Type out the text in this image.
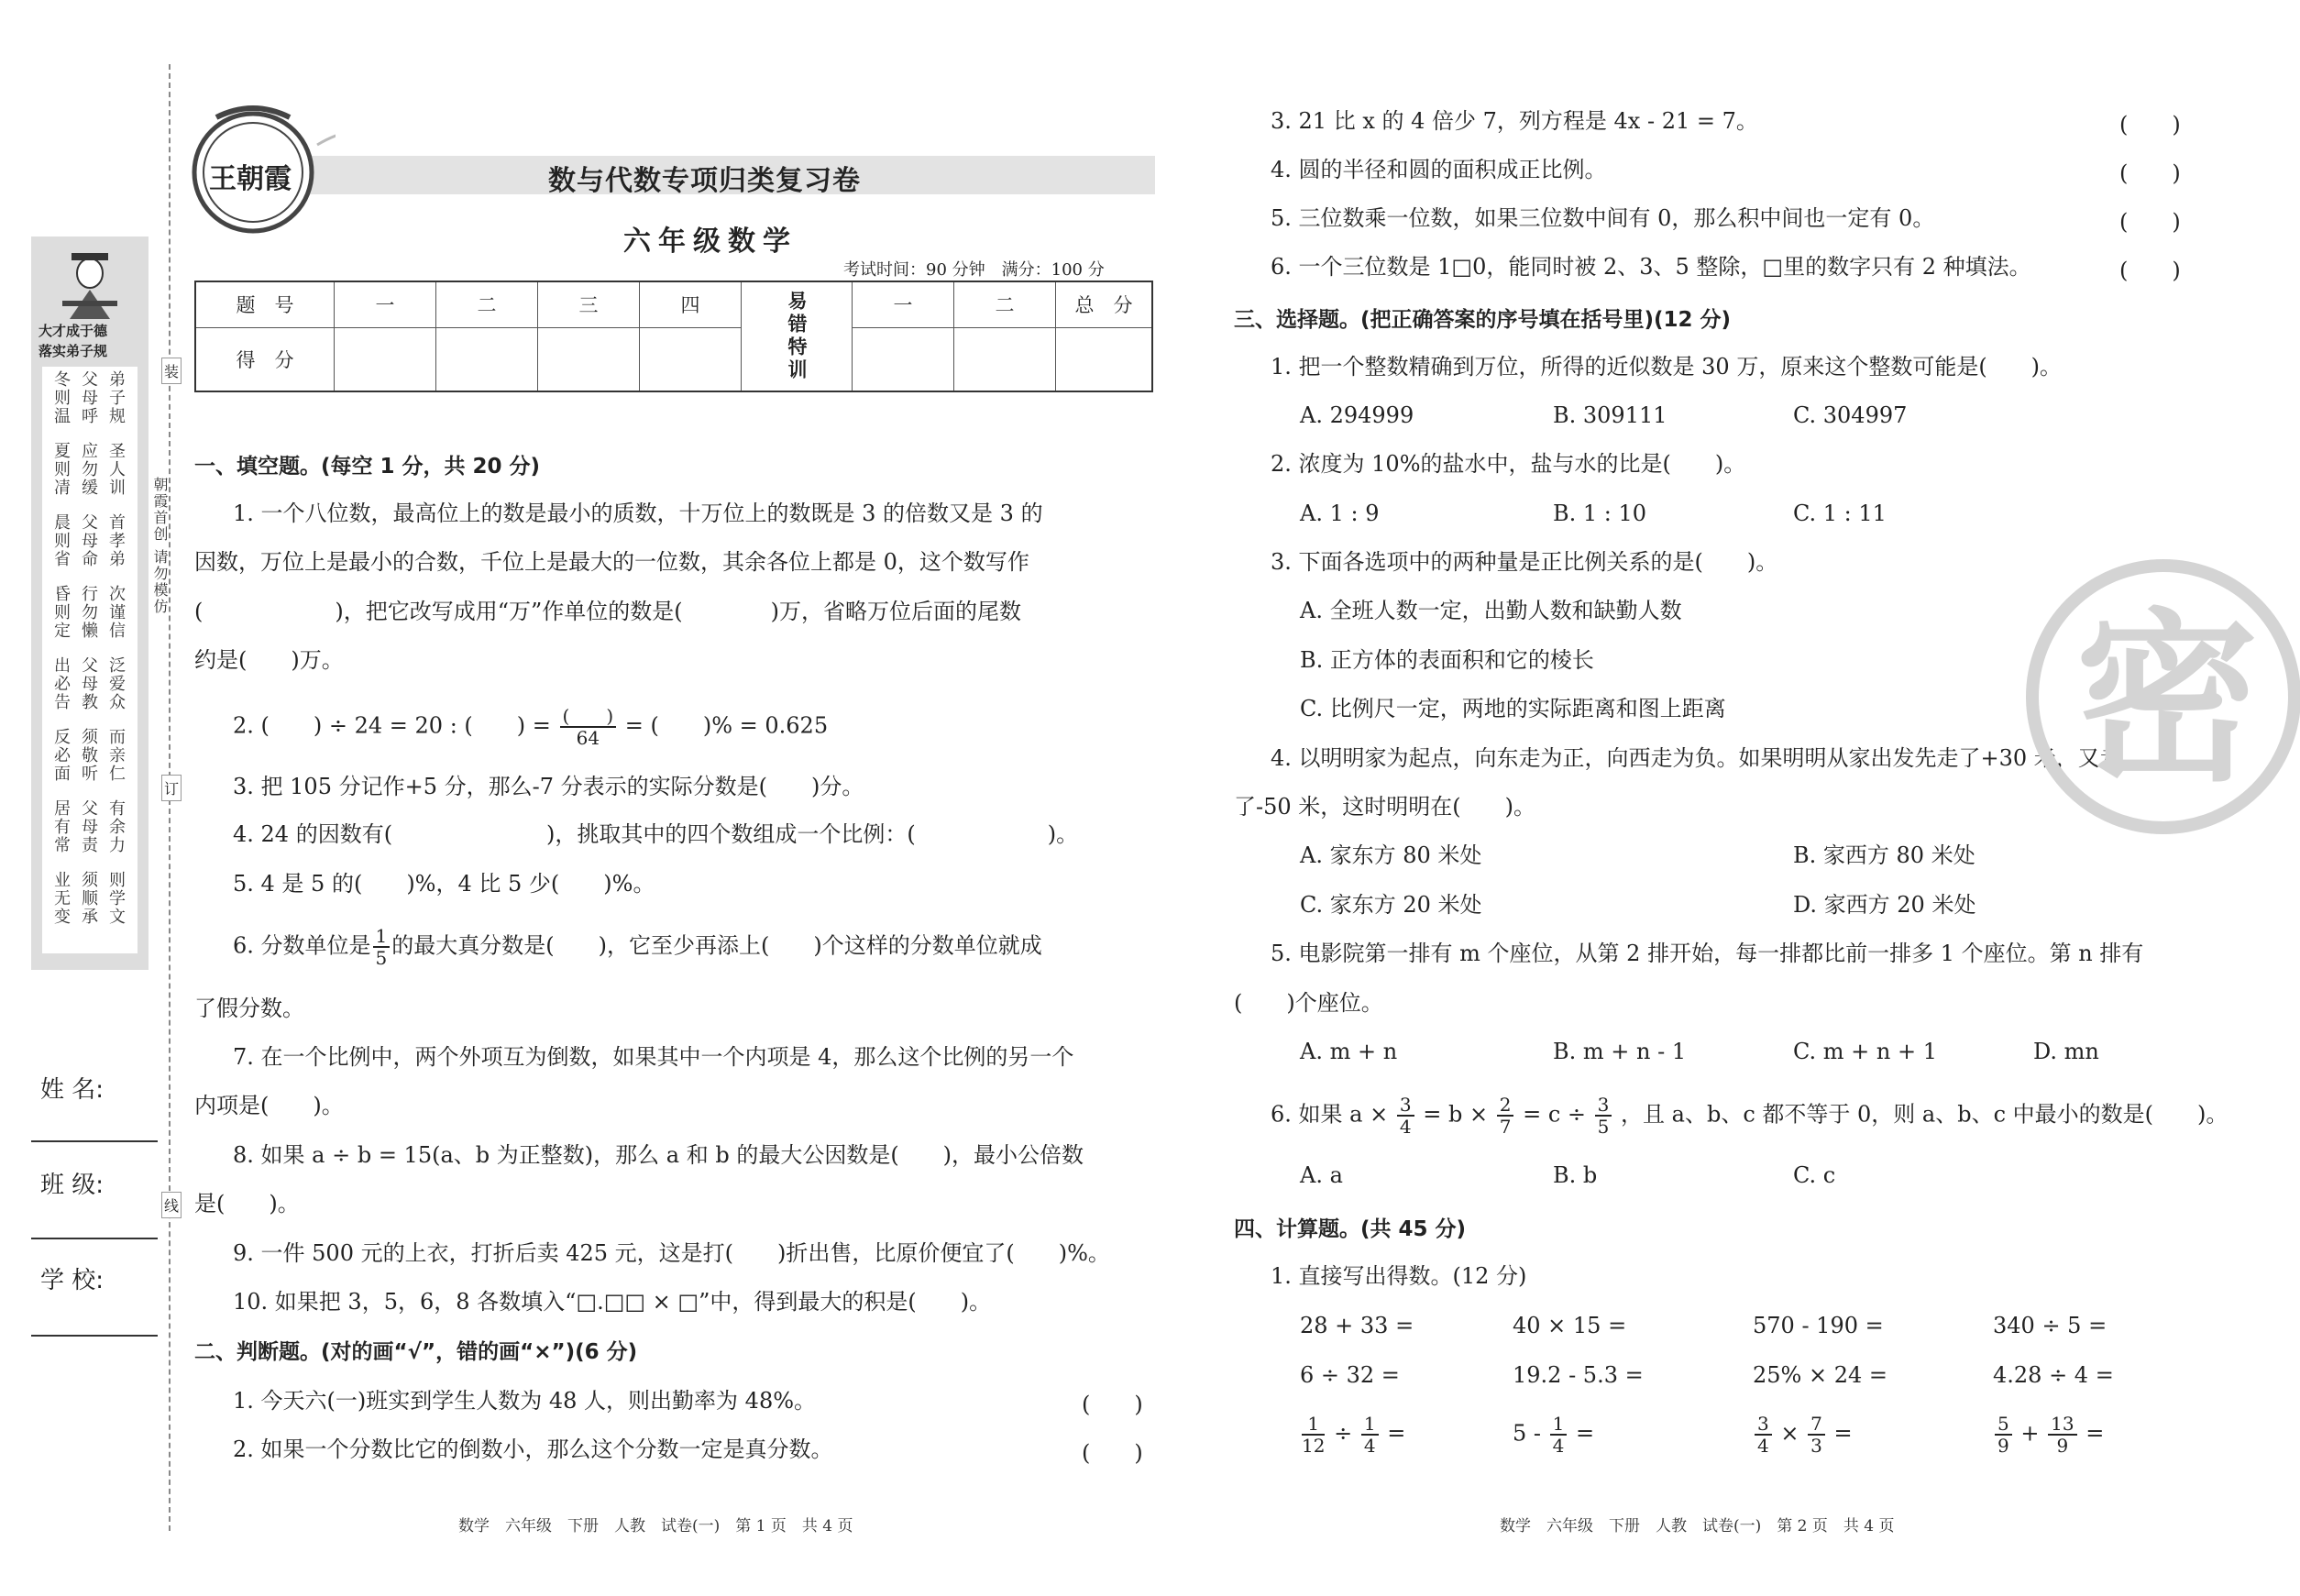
装
订
线
大才成于德
落实弟子规
弟子规
圣人训
首孝弟
次谨信
泛爱众
而亲仁
有余力
则学文
父母呼
应勿缓
父母命
行勿懒
父母教
须敬听
父母责
须顺承
冬则温
夏则凊
晨则省
昏则定
出必告
反必面
居有常
业无变
朝霞首创 请勿模仿
姓 名:
班 级:
学 校:
王朝霞	数与代数专项归类复习卷
六年级数学
考试时间：90 分钟　满分：100 分
题　号	一	二	三	四	易错特训	一	二	总　分
得　分								
一、填空题。(每空 1 分，共 20 分)
1. 一个八位数，最高位上的数是最小的质数，十万位上的数既是 3 的倍数又是 3 的
因数，万位上是最小的合数，千位上是最大的一位数，其余各位上都是 0，这个数写作
(　　　　　　)，把它改写成用“万”作单位的数是(　　　　)万，省略万位后面的尾数
约是(　　)万。
2. (　　) ÷ 24 = 20 : (　　) = $\frac{( )}{64}$ = (　　)% = 0.625
3. 把 105 分记作+5 分，那么-7 分表示的实际分数是(　　)分。
4. 24 的因数有(　　　　　　　)，挑取其中的四个数组成一个比例：(　　　　　　)。
5. 4 是 5 的(　　)%，4 比 5 少(　　)%。
6. 分数单位是 $\frac{1}{5}$ 的最大真分数是(　　)，它至少再添上(　　)个这样的分数单位就成
了假分数。
7. 在一个比例中，两个外项互为倒数，如果其中一个内项是 4，那么这个比例的另一个
内项是(　　)。
8. 如果 a ÷ b = 15(a、b 为正整数)，那么 a 和 b 的最大公因数是(　　)，最小公倍数
是(　　)。
9. 一件 500 元的上衣，打折后卖 425 元，这是打(　　)折出售，比原价便宜了(　　)%。
10. 如果把 3，5，6，8 各数填入“□.□□ × □”中，得到最大的积是(　　)。
二、判断题。(对的画“√”，错的画“×”)(6 分)
1. 今天六(一)班实到学生人数为 48 人，则出勤率为 48%。	(　　)
2. 如果一个分数比它的倒数小，那么这个分数一定是真分数。	(　　)
数学　六年级　下册　人教　试卷(一)　第 1 页　共 4 页
3. 21 比 x 的 4 倍少 7，列方程是 4x - 21 = 7。	(　　)
4. 圆的半径和圆的面积成正比例。	(　　)
5. 三位数乘一位数，如果三位数中间有 0，那么积中间也一定有 0。	(　　)
6. 一个三位数是 1□0，能同时被 2、3、5 整除，□里的数字只有 2 种填法。	(　　)
三、选择题。(把正确答案的序号填在括号里)(12 分)
1. 把一个整数精确到万位，所得的近似数是 30 万，原来这个整数可能是(　　)。
A. 294999	B. 309111	C. 304997
2. 浓度为 10%的盐水中，盐与水的比是(　　)。
A. 1 : 9	B. 1 : 10	C. 1 : 11
3. 下面各选项中的两种量是正比例关系的是(　　)。
A. 全班人数一定，出勤人数和缺勤人数
B. 正方体的表面积和它的棱长
C. 比例尺一定，两地的实际距离和图上距离
4. 以明明家为起点，向东走为正，向西走为负。如果明明从家出发先走了+30 米，又走
了-50 米，这时明明在(　　)。
A. 家东方 80 米处	B. 家西方 80 米处
C. 家东方 20 米处	D. 家西方 20 米处
5. 电影院第一排有 m 个座位，从第 2 排开始，每一排都比前一排多 1 个座位。第 n 排有
(　　)个座位。
A. m + n	B. m + n - 1	C. m + n + 1	D. mn
6. 如果 $a \times \frac{3}{4} = b \times \frac{2}{7} = c \div \frac{3}{5}$ ，且 a、b、c 都不等于 0，则 a、b、c 中最小的数是(　　)。
A. a	B. b	C. c
四、计算题。(共 45 分)
1. 直接写出得数。(12 分)
28 + 33 =	40 × 15 =	570 - 190 =	340 ÷ 5 =
6 ÷ 32 =	19.2 - 5.3 =	25% × 24 =	4.28 ÷ 4 =
$\frac{1}{12} \div \frac{1}{4}$ =	$5 - \frac{1}{4}$ =	$\frac{3}{4} \times \frac{7}{3}$ =	$\frac{5}{9} + \frac{13}{9}$ =
密
数学　六年级　下册　人教　试卷(一)　第 2 页　共 4 页
